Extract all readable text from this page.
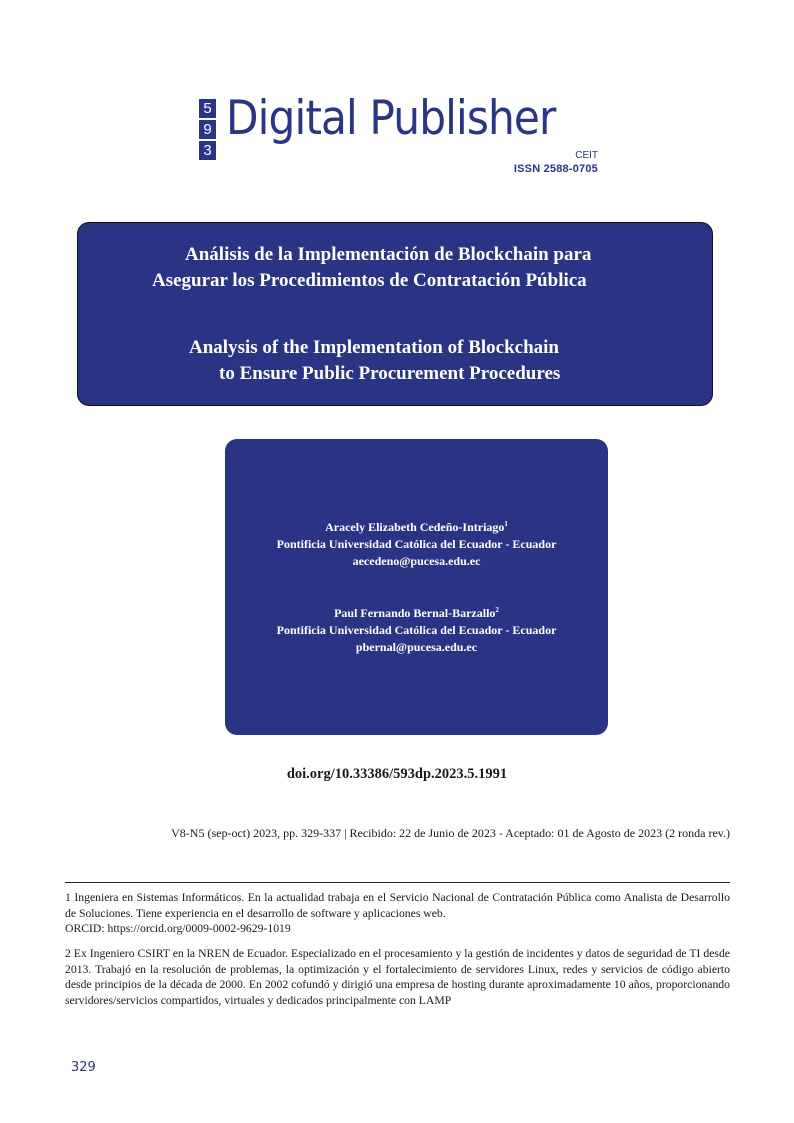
5
9
3
Digital Publisher
CEIT
ISSN 2588-0705
Análisis de la Implementación de Blockchain para
Asegurar los Procedimientos de Contratación Pública
Analysis of the Implementation of Blockchain
to Ensure Public Procurement Procedures
Aracely Elizabeth Cedeño-Intriago$^1$
Pontificia Universidad Católica del Ecuador - Ecuador
aecedeno@pucesa.edu.ec
Paul Fernando Bernal-Barzallo$^2$
Pontificia Universidad Católica del Ecuador - Ecuador
pbernal@pucesa.edu.ec
doi.org/10.33386/593dp.2023.5.1991
V8-N5 (sep-oct) 2023, pp. 329-337 | Recibido: 22 de Junio de 2023 - Aceptado: 01 de Agosto de 2023 (2 ronda rev.)
1 Ingeniera en Sistemas Informáticos. En la actualidad trabaja en el Servicio Nacional de Contratación Pública como Analista de Desarrollo de Soluciones. Tiene experiencia en el desarrollo de software y aplicaciones web.
ORCID: https://orcid.org/0009-0002-9629-1019
2 Ex Ingeniero CSIRT en la NREN de Ecuador. Especializado en el procesamiento y la gestión de incidentes y datos de seguridad de TI desde 2013. Trabajó en la resolución de problemas, la optimización y el fortalecimiento de servidores Linux, redes y servicios de código abierto desde principios de la década de 2000. En 2002 cofundó y dirigió una empresa de hosting durante aproximadamente 10 años, proporcionando servidores/servicios compartidos, virtuales y dedicados principalmente con LAMP
329
